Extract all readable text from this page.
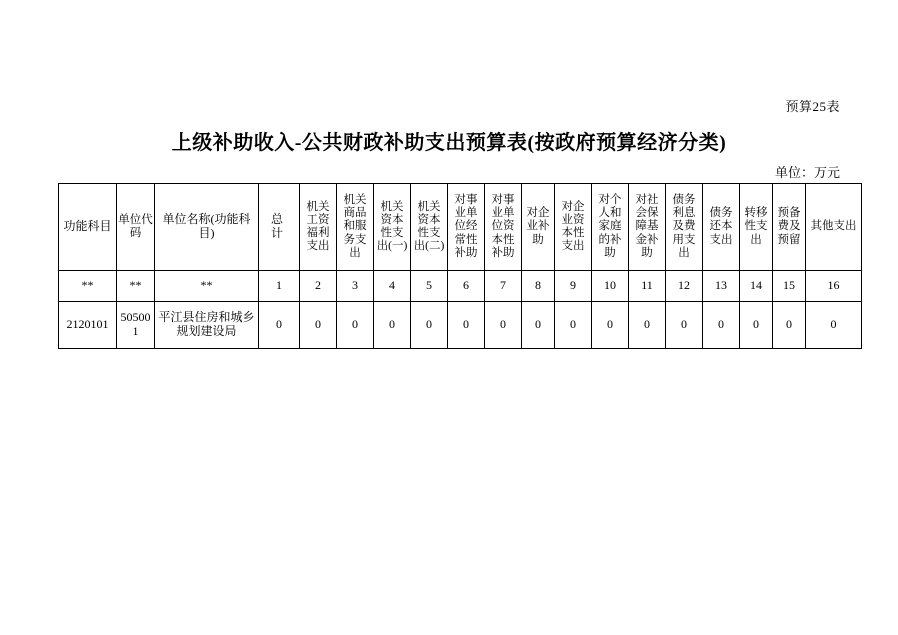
预算25表
上级补助收入-公共财政补助支出预算表(按政府预算经济分类)
单位：万元
功能科目	单位代码	单位名称(功能科目)	总　计	机关工资福利支出	机关商品和服务支出	机关资本性支出(一)	机关资本性支出(二)	对事业单位经常性补助	对事业单位资本性补助	对企业补助	对企业资本性支出	对个人和家庭的补助	对社会保障基金补助	债务利息及费用支出	债务还本支出	转移性支出	预备费及预留	其他支出
**	**	**	1	2	3	4	5	6	7	8	9	10	11	12	13	14	15	16
2120101	505001	平江县住房和城乡规划建设局	0	0	0	0	0	0	0	0	0	0	0	0	0	0	0	0
